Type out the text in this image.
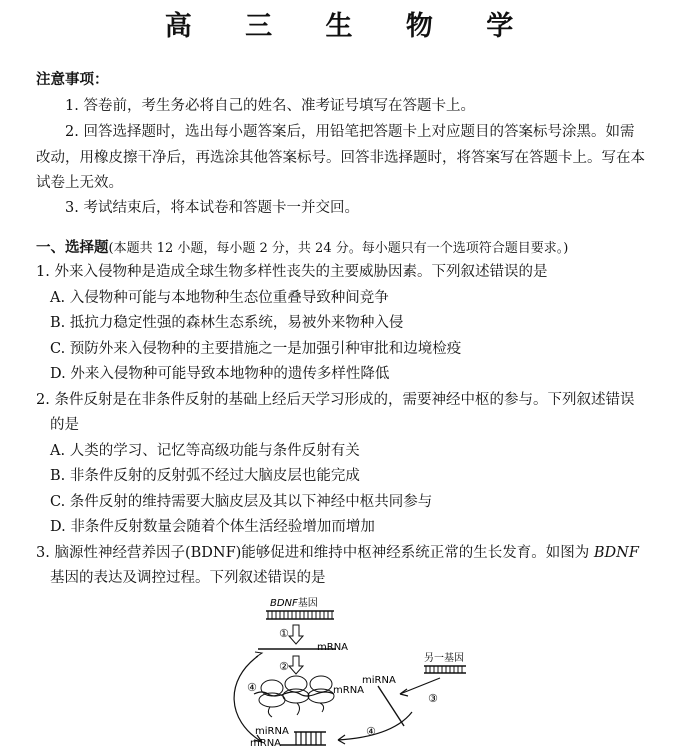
高 三 生 物 学
注意事项：
1. 答卷前，考生务必将自己的姓名、准考证号填写在答题卡上。
2. 回答选择题时，选出每小题答案后，用铅笔把答题卡上对应题目的答案标号涂黑。如需改动，用橡皮擦干净后，再选涂其他答案标号。回答非选择题时，将答案写在答题卡上。写在本试卷上无效。
3. 考试结束后，将本试卷和答题卡一并交回。
一、选择题(本题共 12 小题，每小题 2 分，共 24 分。每小题只有一个选项符合题目要求。)
1. 外来入侵物种是造成全球生物多样性丧失的主要威胁因素。下列叙述错误的是
A. 入侵物种可能与本地物种生态位重叠导致种间竞争
B. 抵抗力稳定性强的森林生态系统，易被外来物种入侵
C. 预防外来入侵物种的主要措施之一是加强引种审批和边境检疫
D. 外来入侵物种可能导致本地物种的遗传多样性降低
2. 条件反射是在非条件反射的基础上经后天学习形成的，需要神经中枢的参与。下列叙述错误
的是
A. 人类的学习、记忆等高级功能与条件反射有关
B. 非条件反射的反射弧不经过大脑皮层也能完成
C. 条件反射的维持需要大脑皮层及其以下神经中枢共同参与
D. 非条件反射数量会随着个体生活经验增加而增加
3. 脑源性神经营养因子(BDNF)能够促进和维持中枢神经系统正常的生长发育。如图为 BDNF
基因的表达及调控过程。下列叙述错误的是
BDNF基因
①
mRNA
②
mRNA
④
miRNA
另一基因
③
④
miRNA
mRNA
